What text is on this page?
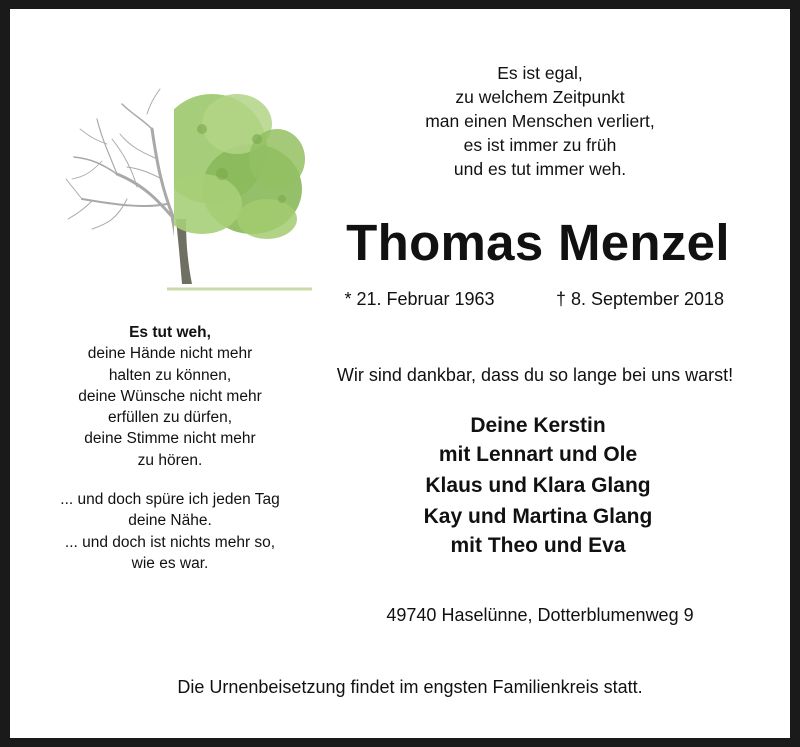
Es ist egal,
zu welchem Zeitpunkt
man einen Menschen verliert,
es ist immer zu früh
und es tut immer weh.
Thomas Menzel
* 21. Februar 1963	† 8. September 2018

Es tut weh,

deine Hände nicht mehr

halten zu können,

deine Wünsche nicht mehr

erfüllen zu dürfen,

deine Stimme nicht mehr

zu hören.

... und doch spüre ich jeden Tag

deine Nähe.

... und doch ist nichts mehr so,

wie es war.

Wir sind dankbar, dass du so lange bei uns warst!
Deine Kerstin
mit Lennart und Ole
Klaus und Klara Glang
Kay und Martina Glang
mit Theo und Eva
49740 Haselünne, Dotterblumenweg 9
Die Urnenbeisetzung findet im engsten Familienkreis statt.
